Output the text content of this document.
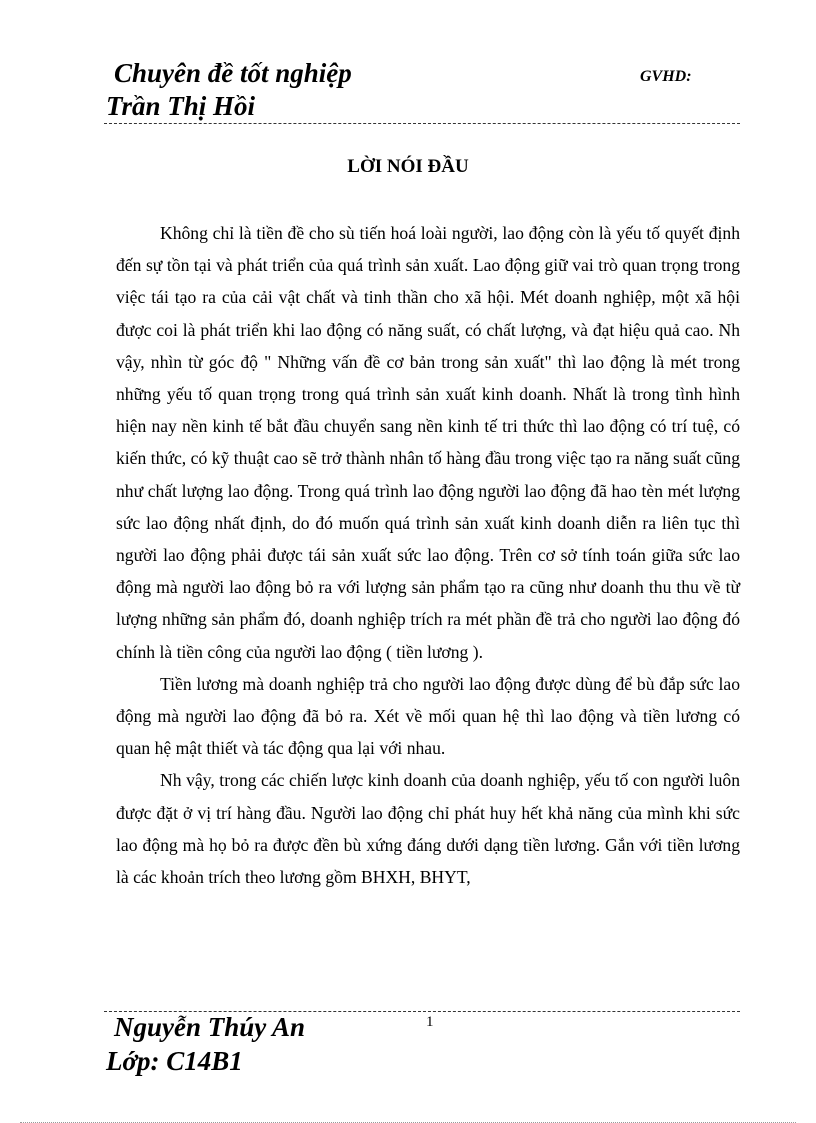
Chuyên đề tốt nghiệp	GVHD:
Trần Thị Hồi
LỜI NÓI ĐẦU

Không chỉ là tiền đề cho sù tiến hoá loài người, lao động còn là yếu tố quyết định đến sự tồn tại và phát triển của quá trình sản xuất. Lao động giữ vai trò quan trọng trong việc tái tạo ra của cải vật chất và tinh thần cho xã hội. Mét doanh nghiệp, một xã hội được coi là phát triển khi lao động có năng suất, có chất lượng, và đạt hiệu quả cao. Nh vậy, nhìn từ góc độ " Những vấn đề cơ bản trong sản xuất" thì lao động là mét trong những yếu tố quan trọng trong quá trình sản xuất kinh doanh. Nhất là trong tình hình hiện nay nền kinh tế bắt đầu chuyển sang nền kinh tế tri thức thì lao động có trí tuệ, có kiến thức, có kỹ thuật cao sẽ trở thành nhân tố hàng đầu trong việc tạo ra năng suất cũng như chất lượng lao động. Trong quá trình lao động người lao động đã hao tèn mét lượng sức lao động nhất định, do đó muốn quá trình sản xuất kinh doanh diễn ra liên tục thì người lao động phải được tái sản xuất sức lao động. Trên cơ sở tính toán giữa sức lao động mà người lao động bỏ ra với lượng sản phẩm tạo ra cũng như doanh thu thu về từ lượng những sản phẩm đó, doanh nghiệp trích ra mét phần đề trả cho người lao động đó chính là tiền công của người lao động ( tiền lương ).

Tiền lương mà doanh nghiệp trả cho người lao động được dùng để bù đắp sức lao động mà người lao động đã bỏ ra. Xét về mối quan hệ thì lao động và tiền lương có quan hệ mật thiết và tác động qua lại với nhau.

Nh vậy, trong các chiến lược kinh doanh của doanh nghiệp, yếu tố con người luôn được đặt ở vị trí hàng đầu. Người lao động chỉ phát huy hết khả năng của mình khi sức lao động mà họ bỏ ra được đền bù xứng đáng dưới dạng tiền lương. Gắn với tiền lương là các khoản trích theo lương gồm BHXH, BHYT,

1
Nguyễn Thúy An
Lớp: C14B1
